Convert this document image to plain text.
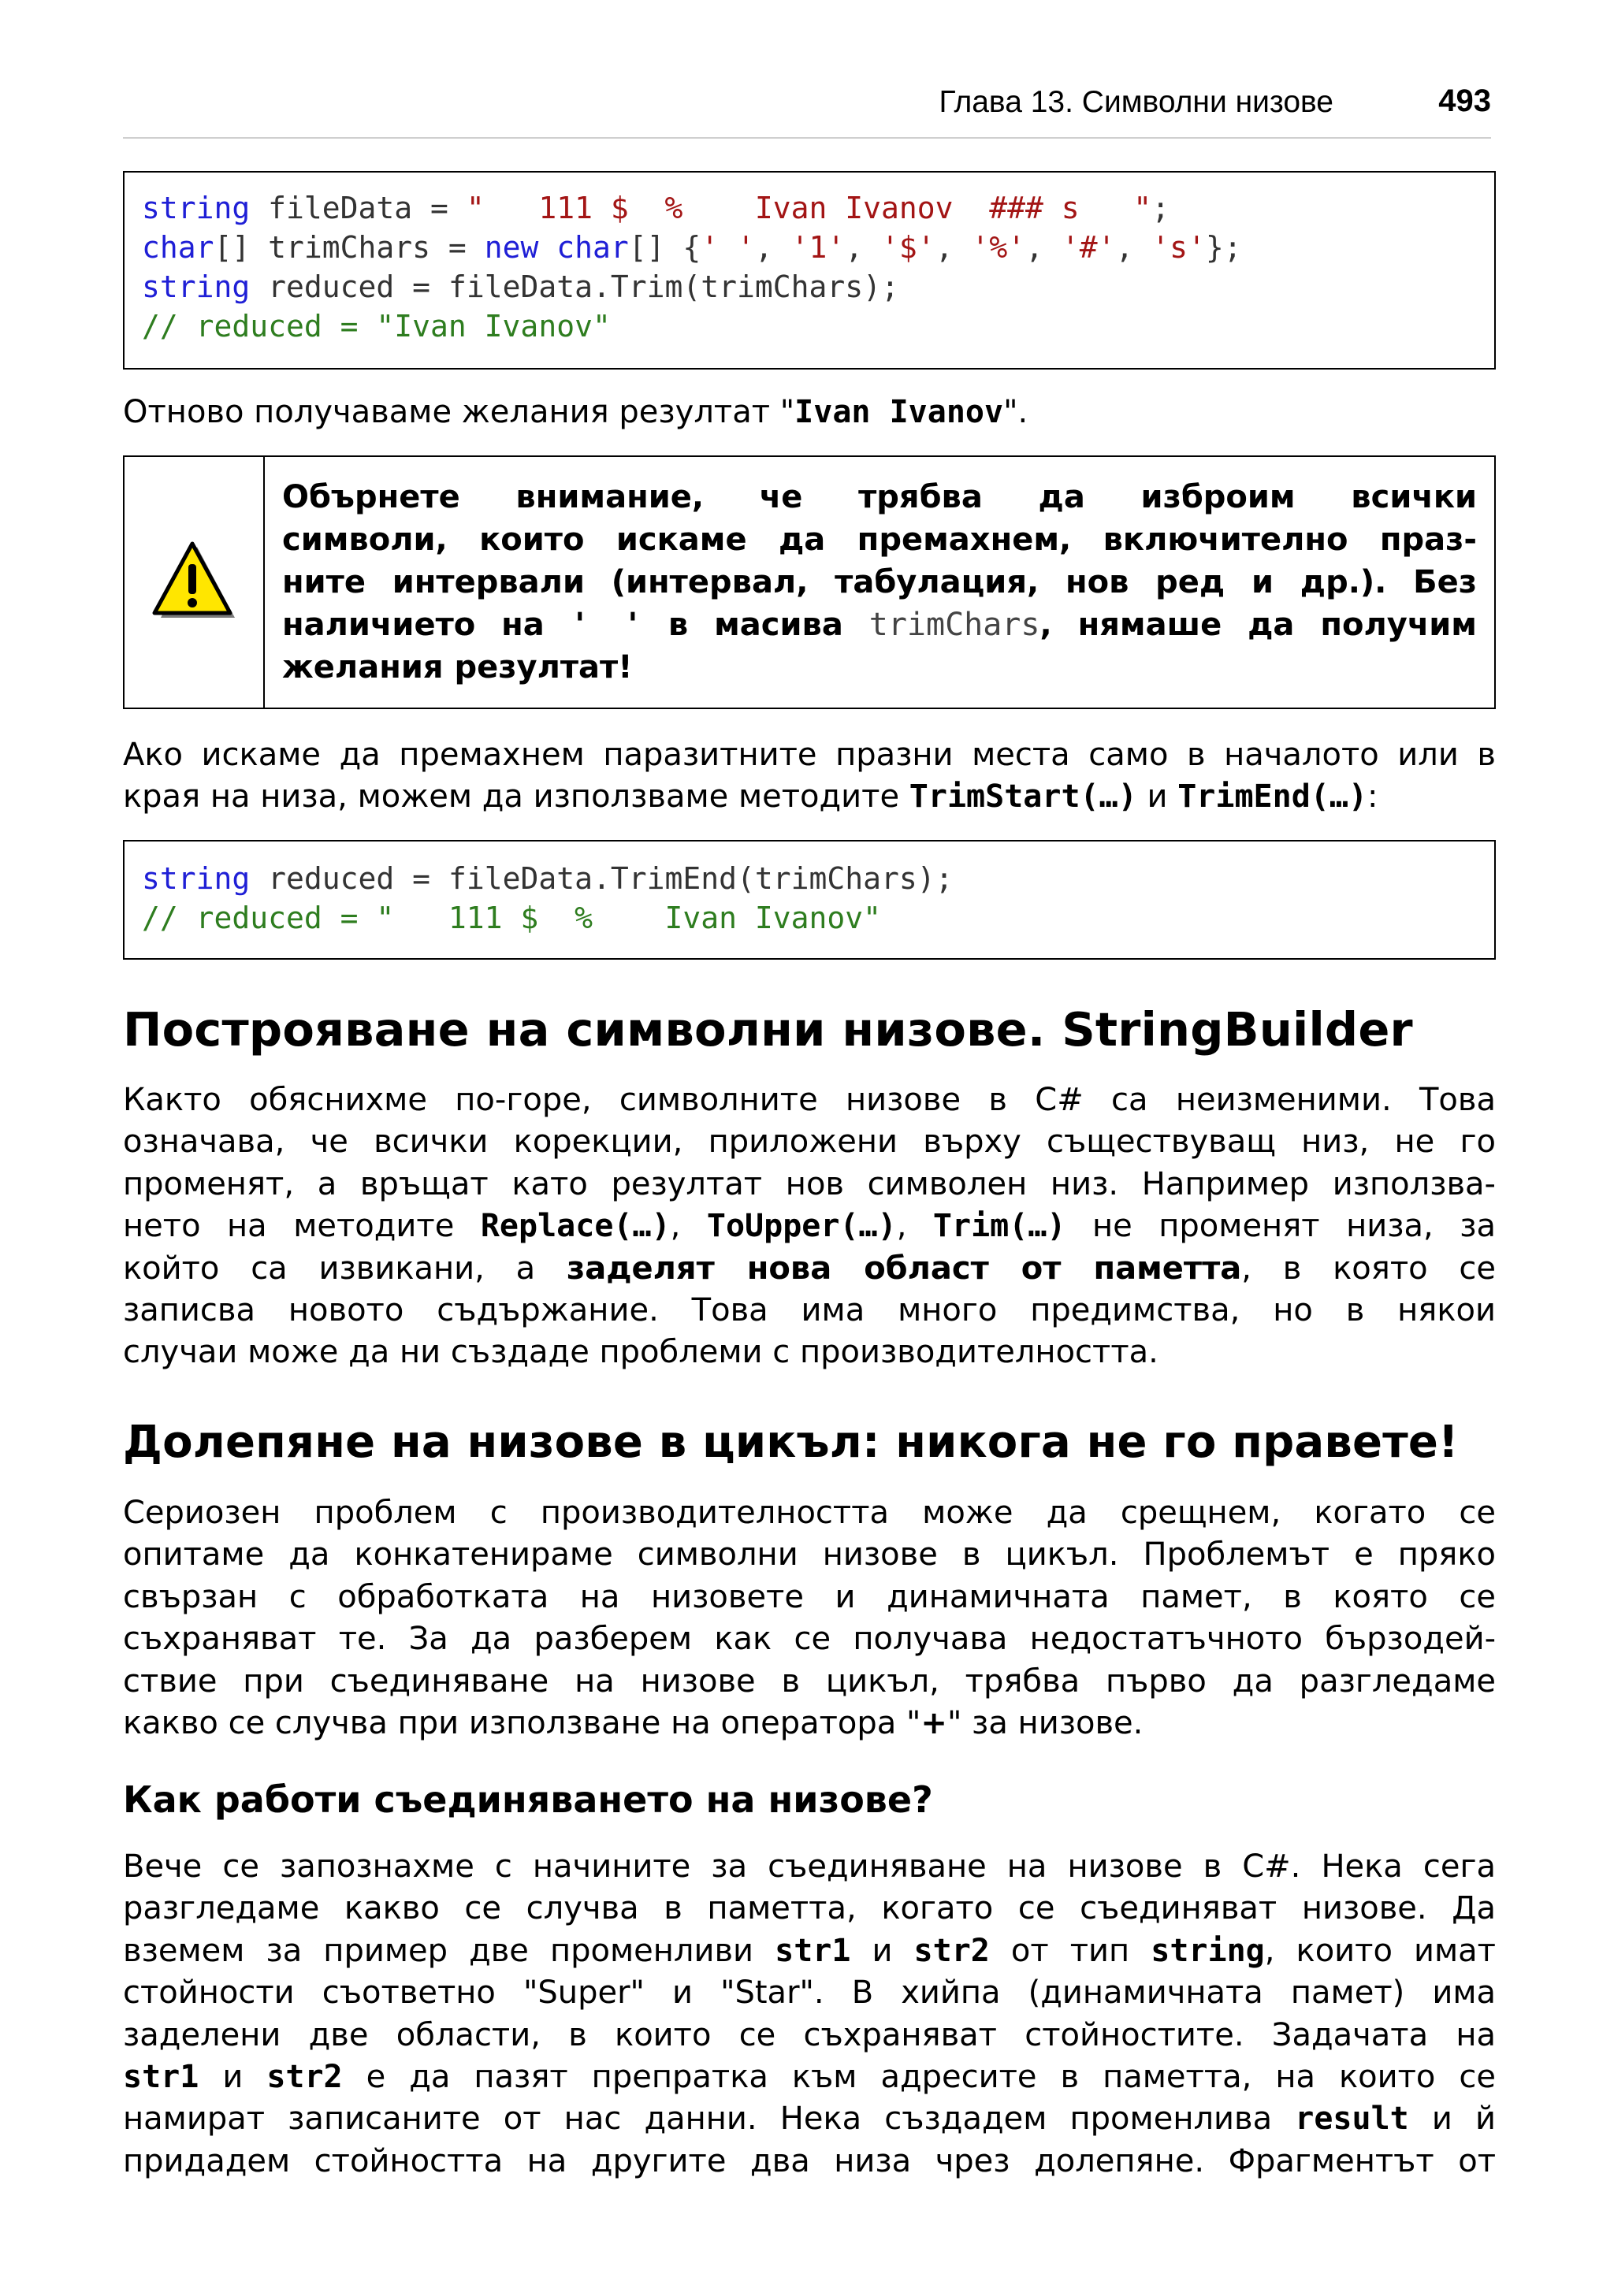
Глава 13. Символни низове	493
string fileData = "   111 $  %    Ivan Ivanov  ### s   ";
char[] trimChars = new char[] {' ', '1', '$', '%', '#', 's'};
string reduced = fileData.Trim(trimChars);
// reduced = "Ivan Ivanov"
Отново получаваме желания резултат "Ivan Ivanov".
Обърнете внимание, че трябва да изброим всички
символи, които искаме да премахнем, включително праз-
ните интервали (интервал, табулация, нов ред и др.). Без
наличието на ' ' в масива trimChars, нямаше да получим
желания резултат!
Ако искаме да премахнем паразитните празни места само в началото или в
края на низа, можем да използваме методите TrimStart(…) и TrimEnd(…):
string reduced = fileData.TrimEnd(trimChars);
// reduced = "   111 $  %    Ivan Ivanov"
Построяване на символни низове. StringBuilder
Както обяснихме по-горе, символните низове в C# са неизменими. Това
означава, че всички корекции, приложени върху съществуващ низ, не го
променят, а връщат като резултат нов символен низ. Например използва-
нето на методите Replace(…), ToUpper(…), Trim(…) не променят низа, за
който са извикани, а заделят нова област от паметта, в която се
записва новото съдържание. Това има много предимства, но в някои
случаи може да ни създаде проблеми с производителността.
Долепяне на низове в цикъл: никога не го правете!
Сериозен проблем с производителността може да срещнем, когато се
опитаме да конкатенираме символни низове в цикъл. Проблемът е пряко
свързан с обработката на низовете и динамичната памет, в която се
съхраняват те. За да разберем как се получава недостатъчното бързодей-
ствие при съединяване на низове в цикъл, трябва първо да разгледаме
какво се случва при използване на оператора "+" за низове.
Как работи съединяването на низове?
Вече се запознахме с начините за съединяване на низове в C#. Нека сега
разгледаме какво се случва в паметта, когато се съединяват низове. Да
вземем за пример две променливи str1 и str2 от тип string, които имат
стойности съответно "Super" и "Star". В хийпа (динамичната памет) има
заделени две области, в които се съхраняват стойностите. Задачата на
str1 и str2 е да пазят препратка към адресите в паметта, на които се
намират записаните от нас данни. Нека създадем променлива result и й
придадем стойността на другите два низа чрез долепяне. Фрагментът от
